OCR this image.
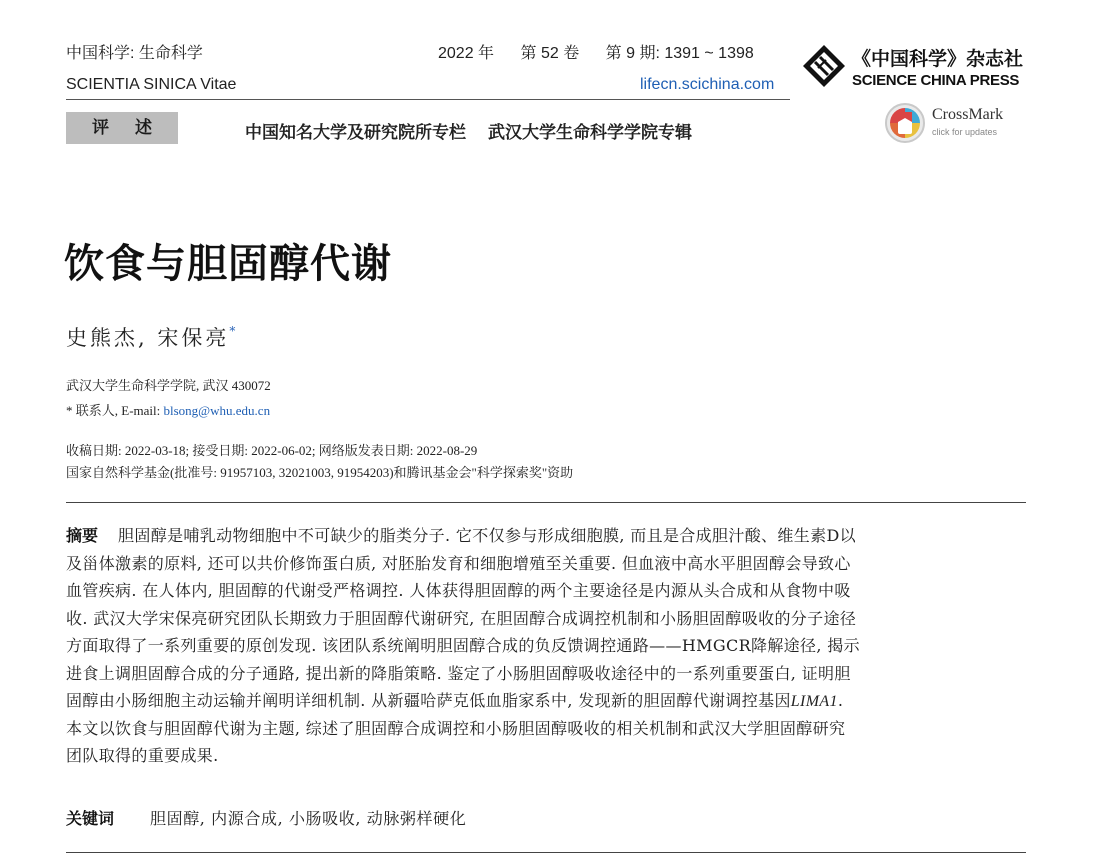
中国科学: 生命科学	2022 年 第 52 卷 第 9 期: 1391 ~ 1398
SCIENTIA SINICA Vitae	lifecn.scichina.com
《中国科学》杂志社
SCIENCE CHINA PRESS
评 述	中国知名大学及研究院所专栏 武汉大学生命科学学院专辑
CrossMark
click for updates
饮食与胆固醇代谢
史熊杰, 宋保亮*
武汉大学生命科学学院, 武汉 430072
* 联系人, E-mail: blsong@whu.edu.cn
收稿日期: 2022-03-18; 接受日期: 2022-06-02; 网络版发表日期: 2022-08-29
国家自然科学基金(批准号: 91957103, 32021003, 91954203)和腾讯基金会"科学探索奖"资助
摘要 胆固醇是哺乳动物细胞中不可缺少的脂类分子. 它不仅参与形成细胞膜, 而且是合成胆汁酸、维生素D以
及甾体激素的原料, 还可以共价修饰蛋白质, 对胚胎发育和细胞增殖至关重要. 但血液中高水平胆固醇会导致心
血管疾病. 在人体内, 胆固醇的代谢受严格调控. 人体获得胆固醇的两个主要途径是内源从头合成和从食物中吸
收. 武汉大学宋保亮研究团队长期致力于胆固醇代谢研究, 在胆固醇合成调控机制和小肠胆固醇吸收的分子途径
方面取得了一系列重要的原创发现. 该团队系统阐明胆固醇合成的负反馈调控通路——HMGCR降解途径, 揭示
进食上调胆固醇合成的分子通路, 提出新的降脂策略. 鉴定了小肠胆固醇吸收途径中的一系列重要蛋白, 证明胆
固醇由小肠细胞主动运输并阐明详细机制. 从新疆哈萨克低血脂家系中, 发现新的胆固醇代谢调控基因LIMA1.
本文以饮食与胆固醇代谢为主题, 综述了胆固醇合成调控和小肠胆固醇吸收的相关机制和武汉大学胆固醇研究
团队取得的重要成果.
关键词 胆固醇, 内源合成, 小肠吸收, 动脉粥样硬化
